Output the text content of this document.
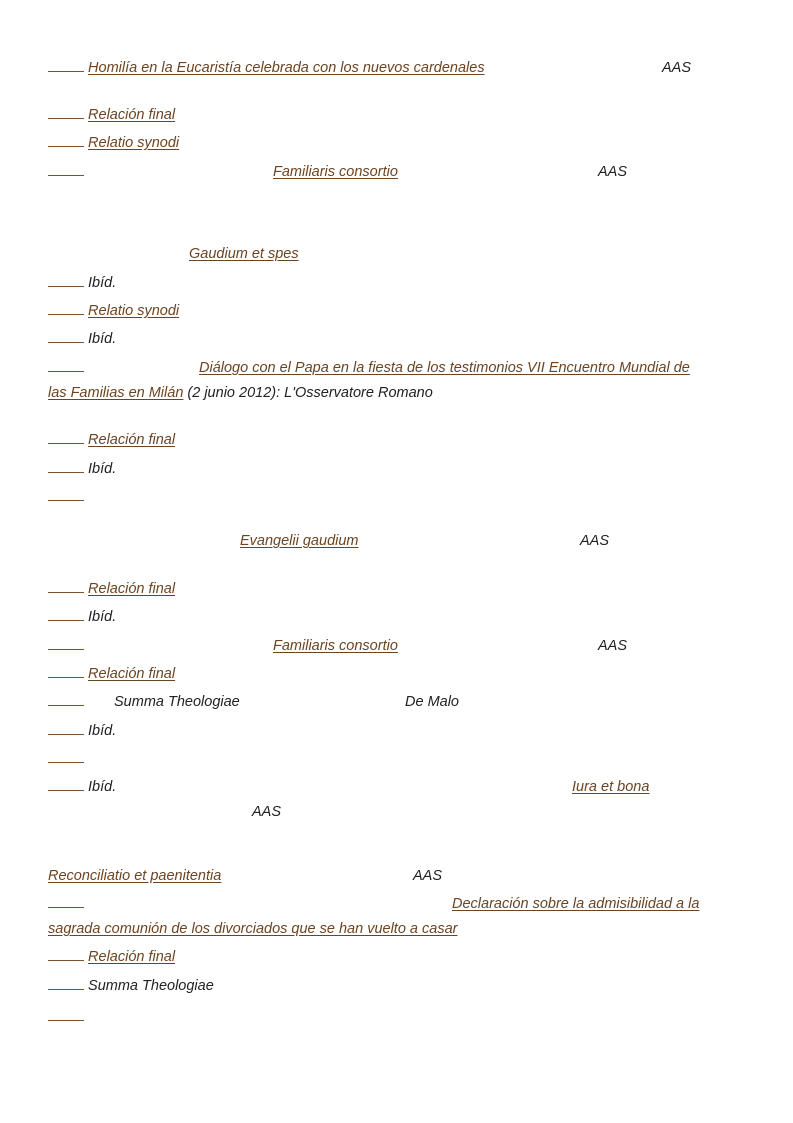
Homilía en la Eucaristía celebrada con los nuevos cardenales	AAS
Relación final
Relatio synodi
Familiaris consortio	AAS
Gaudium et spes
Ibíd.
Relatio synodi
Ibíd.
Diálogo con el Papa en la fiesta de los testimonios VII Encuentro Mundial de
las Familias en Milán (2 junio 2012): L'Osservatore Romano
Relación final
Ibíd.
Evangelii gaudium	AAS
Relación final
Ibíd.
Familiaris consortio	AAS
Relación final
Summa Theologiae	De Malo
Ibíd.
Ibíd.	Iura et bona
AAS
Reconciliatio et paenitentia	AAS
Declaración sobre la admisibilidad a la
sagrada comunión de los divorciados que se han vuelto a casar
Relación final
Summa Theologiae
